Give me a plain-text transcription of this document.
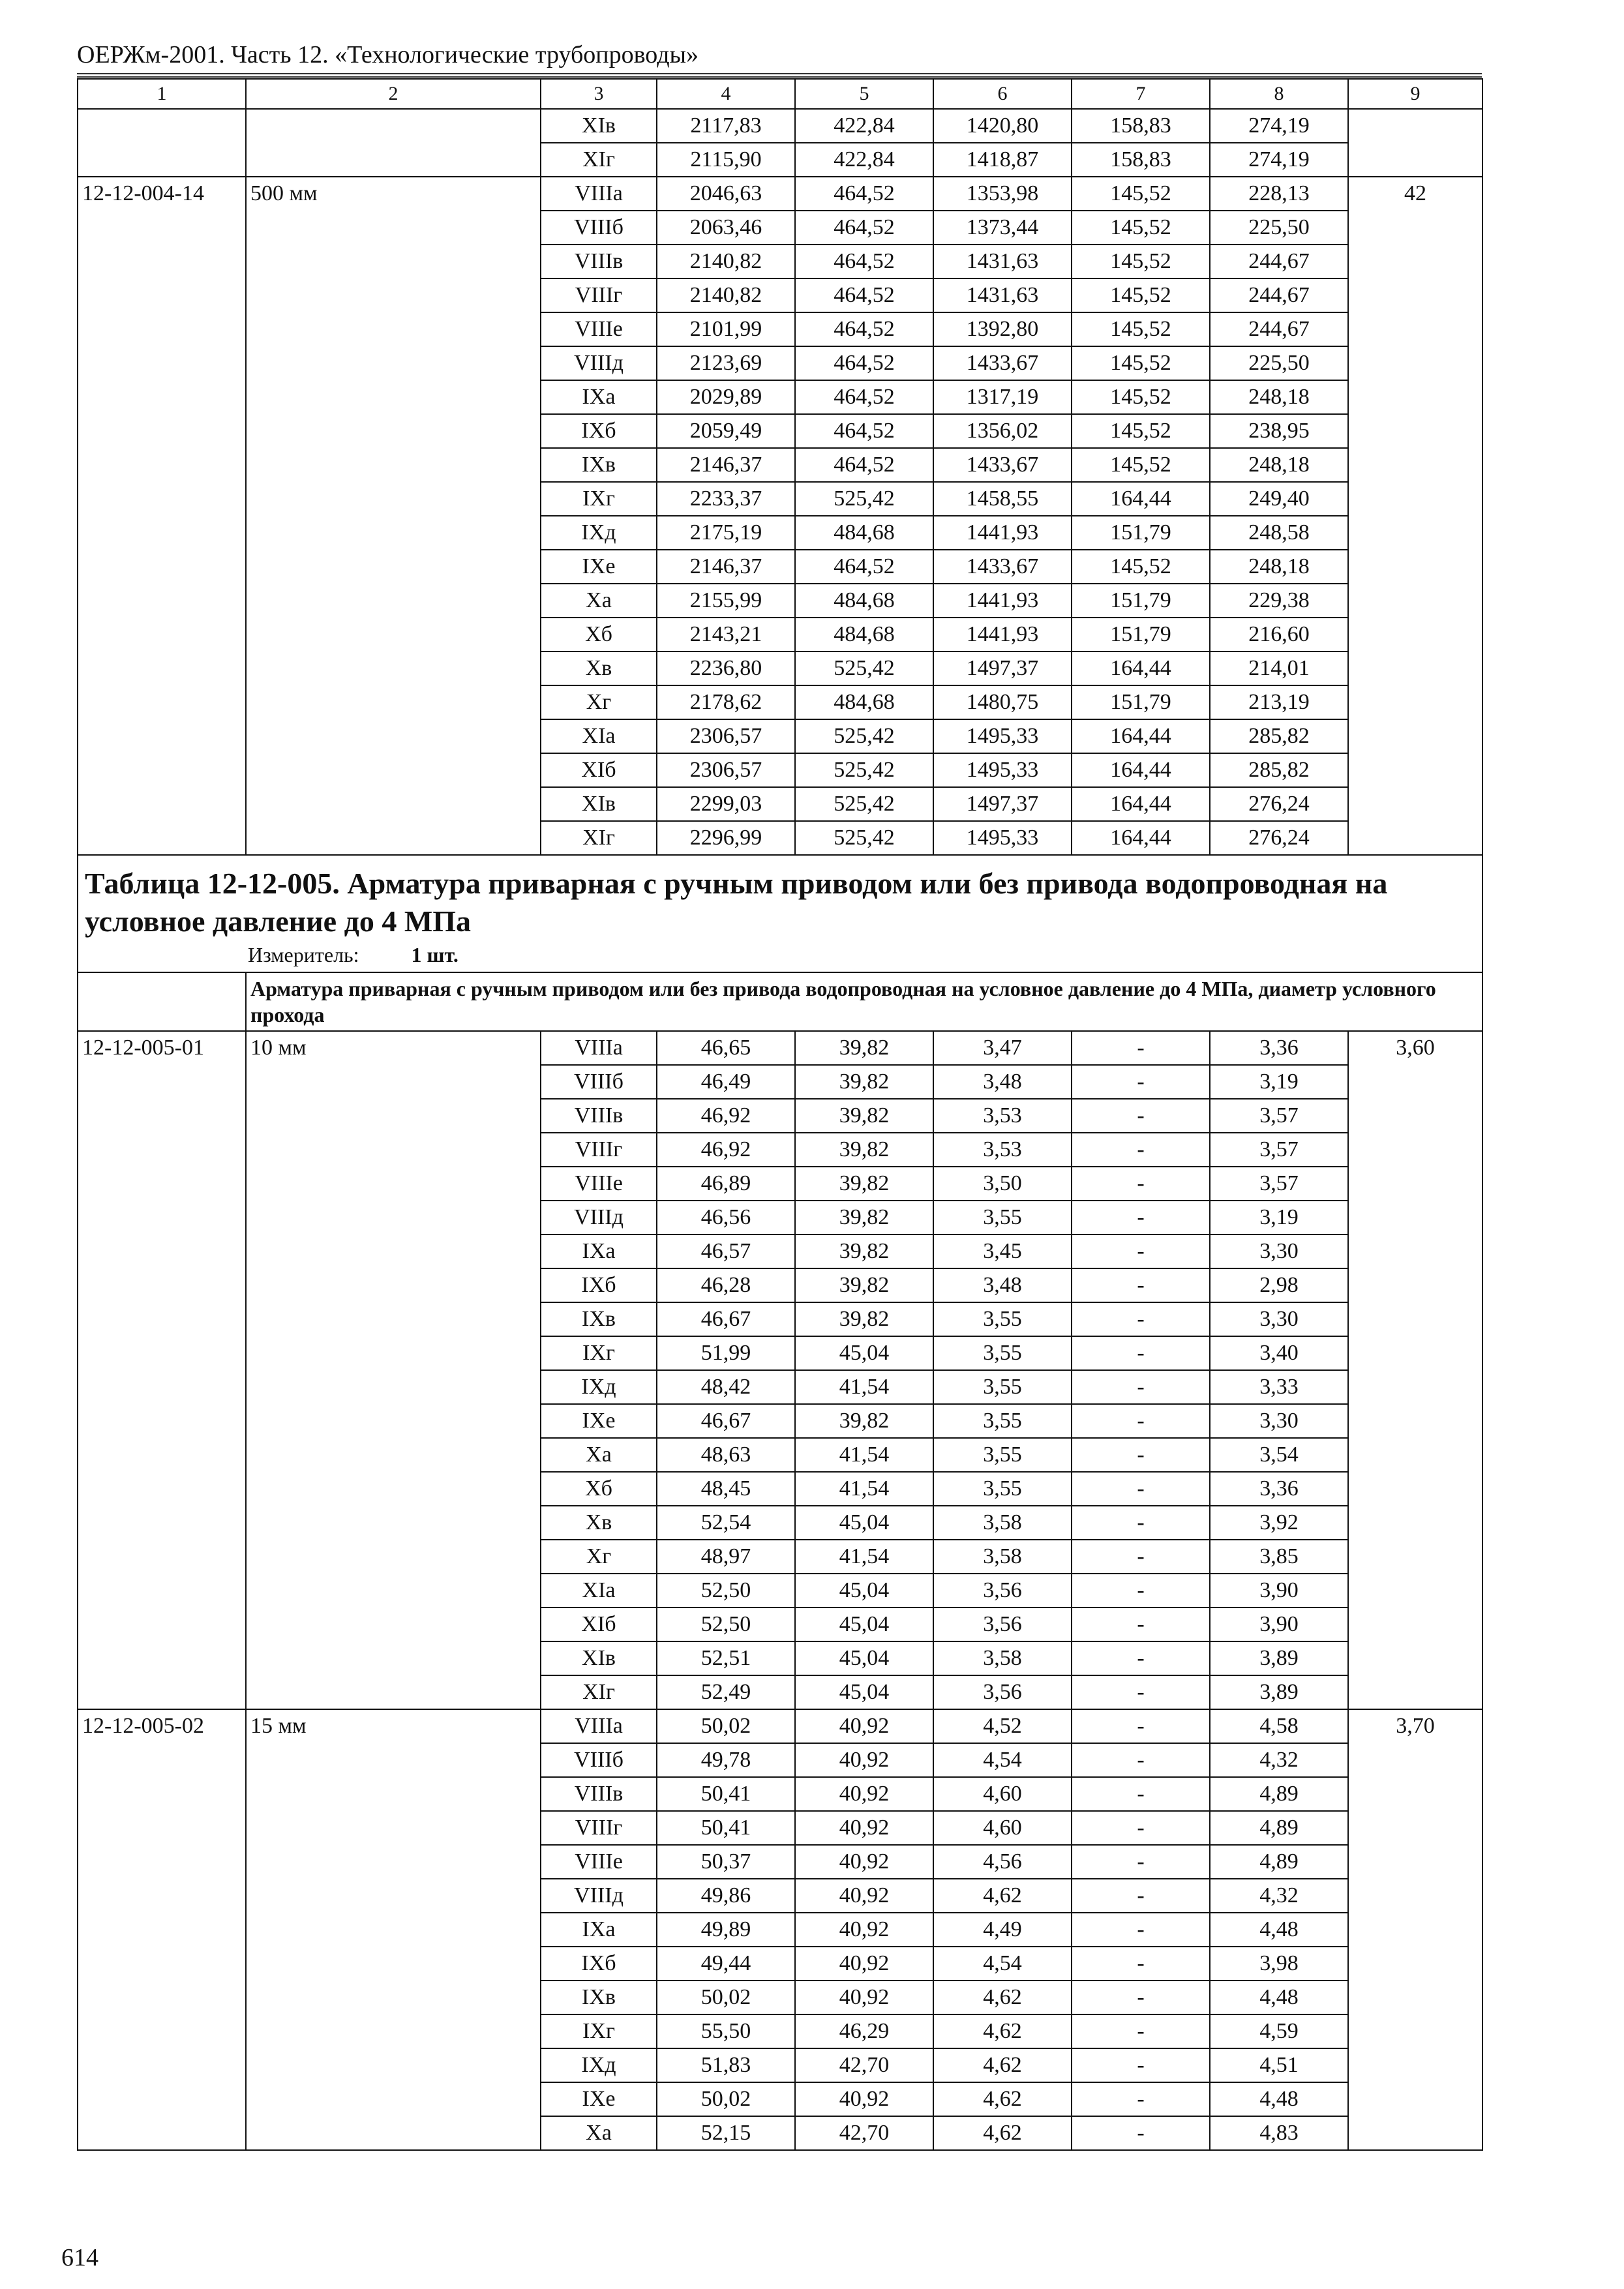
ОЕРЖм-2001. Часть 12. «Технологические трубопроводы»
1	2	3	4	5	6	7	8	9
		XIв	2117,83	422,84	1420,80	158,83	274,19	
		XIг	2115,90	422,84	1418,87	158,83	274,19	
12-12-004-14	500 мм	VIIIа	2046,63	464,52	1353,98	145,52	228,13	42
		VIIIб	2063,46	464,52	1373,44	145,52	225,50	
		VIIIв	2140,82	464,52	1431,63	145,52	244,67	
		VIIIг	2140,82	464,52	1431,63	145,52	244,67	
		VIIIе	2101,99	464,52	1392,80	145,52	244,67	
		VIIIд	2123,69	464,52	1433,67	145,52	225,50	
		IXа	2029,89	464,52	1317,19	145,52	248,18	
		IXб	2059,49	464,52	1356,02	145,52	238,95	
		IXв	2146,37	464,52	1433,67	145,52	248,18	
		IXг	2233,37	525,42	1458,55	164,44	249,40	
		IXд	2175,19	484,68	1441,93	151,79	248,58	
		IXе	2146,37	464,52	1433,67	145,52	248,18	
		Xа	2155,99	484,68	1441,93	151,79	229,38	
		Xб	2143,21	484,68	1441,93	151,79	216,60	
		Xв	2236,80	525,42	1497,37	164,44	214,01	
		Xг	2178,62	484,68	1480,75	151,79	213,19	
		XIа	2306,57	525,42	1495,33	164,44	285,82	
		XIб	2306,57	525,42	1495,33	164,44	285,82	
		XIв	2299,03	525,42	1497,37	164,44	276,24	
		XIг	2296,99	525,42	1495,33	164,44	276,24	

Таблица 12-12-005. Арматура приварная с ручным приводом или без привода водопроводная на условное давление до 4 МПа
Измеритель: 1 шт.								

	Арматура приварная с ручным приводом или без привода водопроводная на условное давление до 4 МПа, диаметр условного прохода							
12-12-005-01	10 мм	VIIIа	46,65	39,82	3,47	-	3,36	3,60
		VIIIб	46,49	39,82	3,48	-	3,19	
		VIIIв	46,92	39,82	3,53	-	3,57	
		VIIIг	46,92	39,82	3,53	-	3,57	
		VIIIе	46,89	39,82	3,50	-	3,57	
		VIIIд	46,56	39,82	3,55	-	3,19	
		IXа	46,57	39,82	3,45	-	3,30	
		IXб	46,28	39,82	3,48	-	2,98	
		IXв	46,67	39,82	3,55	-	3,30	
		IXг	51,99	45,04	3,55	-	3,40	
		IXд	48,42	41,54	3,55	-	3,33	
		IXе	46,67	39,82	3,55	-	3,30	
		Xа	48,63	41,54	3,55	-	3,54	
		Xб	48,45	41,54	3,55	-	3,36	
		Xв	52,54	45,04	3,58	-	3,92	
		Xг	48,97	41,54	3,58	-	3,85	
		XIа	52,50	45,04	3,56	-	3,90	
		XIб	52,50	45,04	3,56	-	3,90	
		XIв	52,51	45,04	3,58	-	3,89	
		XIг	52,49	45,04	3,56	-	3,89	
12-12-005-02	15 мм	VIIIа	50,02	40,92	4,52	-	4,58	3,70
		VIIIб	49,78	40,92	4,54	-	4,32	
		VIIIв	50,41	40,92	4,60	-	4,89	
		VIIIг	50,41	40,92	4,60	-	4,89	
		VIIIе	50,37	40,92	4,56	-	4,89	
		VIIIд	49,86	40,92	4,62	-	4,32	
		IXа	49,89	40,92	4,49	-	4,48	
		IXб	49,44	40,92	4,54	-	3,98	
		IXв	50,02	40,92	4,62	-	4,48	
		IXг	55,50	46,29	4,62	-	4,59	
		IXд	51,83	42,70	4,62	-	4,51	
		IXе	50,02	40,92	4,62	-	4,48	
		Xа	52,15	42,70	4,62	-	4,83	
614
